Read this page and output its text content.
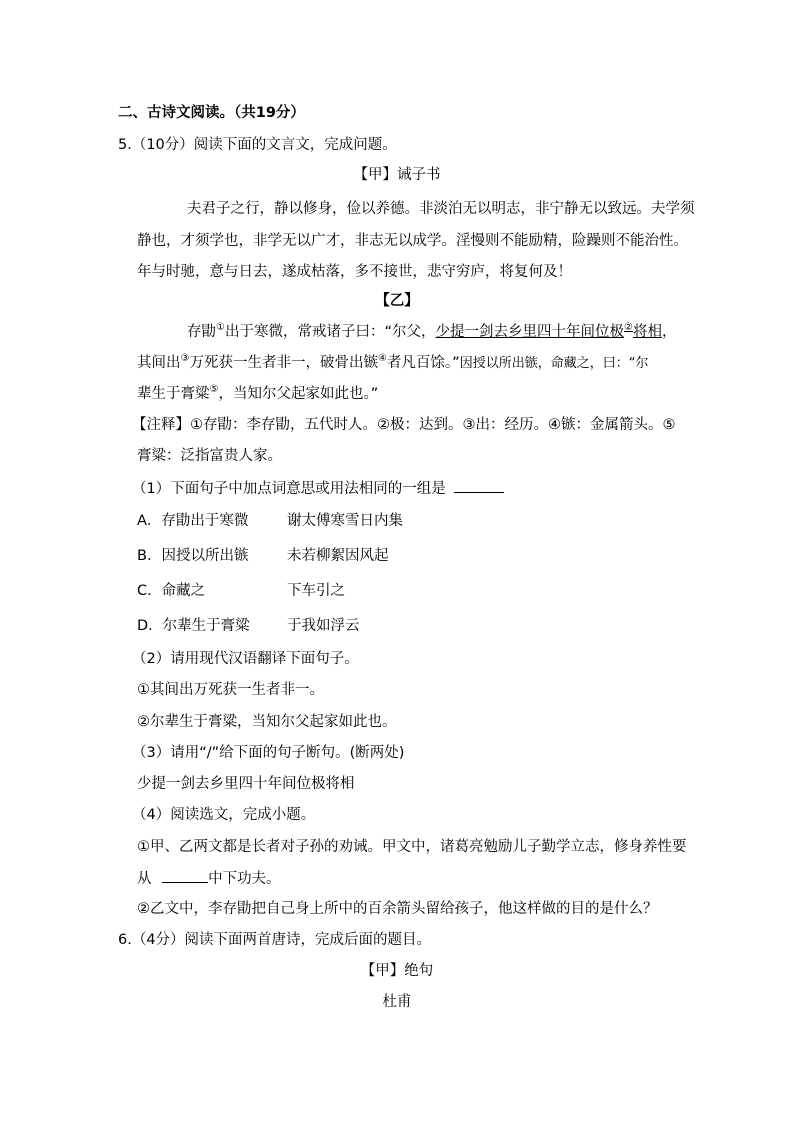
二、古诗文阅读。（共19分）
5.（10分）阅读下面的文言文，完成问题。
【甲】诫子书
夫君子之行，静以修身，俭以养德。非淡泊无以明志，非宁静无以致远。夫学须
静也，才须学也，非学无以广才，非志无以成学。淫慢则不能励精，险躁则不能治性。
年与时驰，意与日去，遂成枯落，多不接世，悲守穷庐，将复何及！
【乙】
存勖①出于寒微，常戒诸子曰：“尔父，少提一剑去乡里四十年间位极②将相，
其间出③万死获一生者非一，破骨出镞④者凡百馀。”因授以所出镞，命藏之，曰：“尔
辈生于膏粱⑤，当知尔父起家如此也。”
【注释】①存勖：李存勖，五代时人。②极：达到。③出：经历。④镞：金属箭头。⑤
膏粱：泛指富贵人家。
（1）下面句子中加点词意思或用法相同的一组是
A．存勖出于寒微	谢太傅寒雪日内集
B．因授以所出镞	未若柳絮因风起
C．命藏之	下车引之
D．尔辈生于膏粱	于我如浮云
（2）请用现代汉语翻译下面句子。
①其间出万死获一生者非一。
②尔辈生于膏粱，当知尔父起家如此也。
（3）请用“/”给下面的句子断句。(断两处)
少提一剑去乡里四十年间位极将相
（4）阅读选文，完成小题。
①甲、乙两文都是长者对子孙的劝诫。甲文中，诸葛亮勉励儿子勤学立志，修身养性要
从	中下功夫。
②乙文中，李存勖把自己身上所中的百余箭头留给孩子，他这样做的目的是什么？
6.（4分）阅读下面两首唐诗，完成后面的题目。
【甲】绝句
杜甫
